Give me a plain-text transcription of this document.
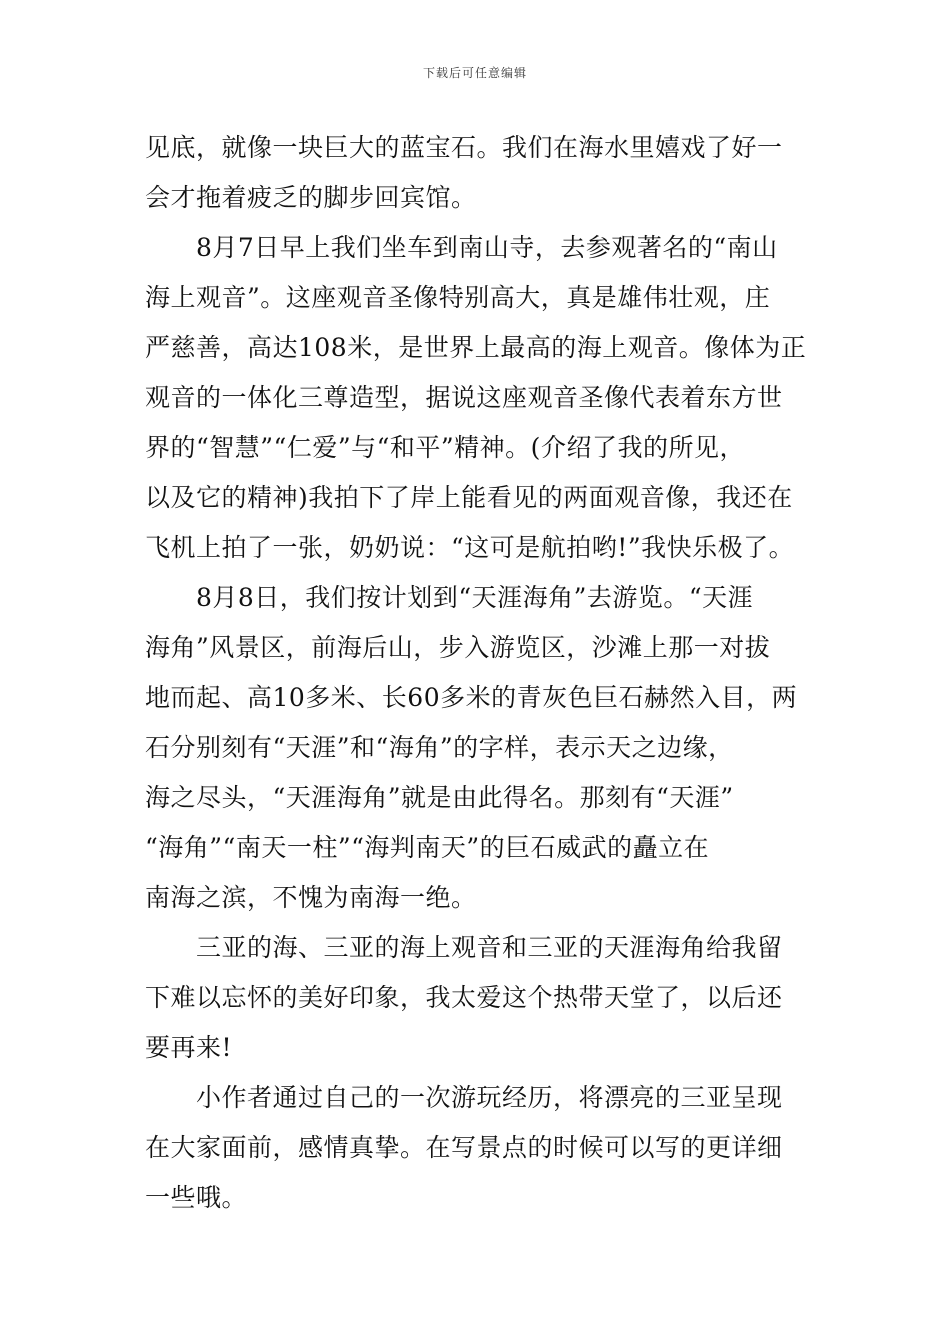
下载后可任意编辑
见底，就像一块巨大的蓝宝石。我们在海水里嬉戏了好一
会才拖着疲乏的脚步回宾馆。
　　8月7日早上我们坐车到南山寺，去参观著名的“南山
海上观音”。这座观音圣像特别高大，真是雄伟壮观，庄
严慈善，高达108米，是世界上最高的海上观音。像体为正
观音的一体化三尊造型，据说这座观音圣像代表着东方世
界的“智慧”“仁爱”与“和平”精神。(介绍了我的所见，
以及它的精神)我拍下了岸上能看见的两面观音像，我还在
飞机上拍了一张，奶奶说：“这可是航拍哟!”我快乐极了。
　　8月8日，我们按计划到“天涯海角”去游览。“天涯
海角”风景区，前海后山，步入游览区，沙滩上那一对拔
地而起、高10多米、长60多米的青灰色巨石赫然入目，两
石分别刻有“天涯”和“海角”的字样，表示天之边缘，
海之尽头，“天涯海角”就是由此得名。那刻有“天涯”
“海角”“南天一柱”“海判南天”的巨石威武的矗立在
南海之滨，不愧为南海一绝。
　　三亚的海、三亚的海上观音和三亚的天涯海角给我留
下难以忘怀的美好印象，我太爱这个热带天堂了，以后还
要再来!
　　小作者通过自己的一次游玩经历，将漂亮的三亚呈现
在大家面前，感情真挚。在写景点的时候可以写的更详细
一些哦。
